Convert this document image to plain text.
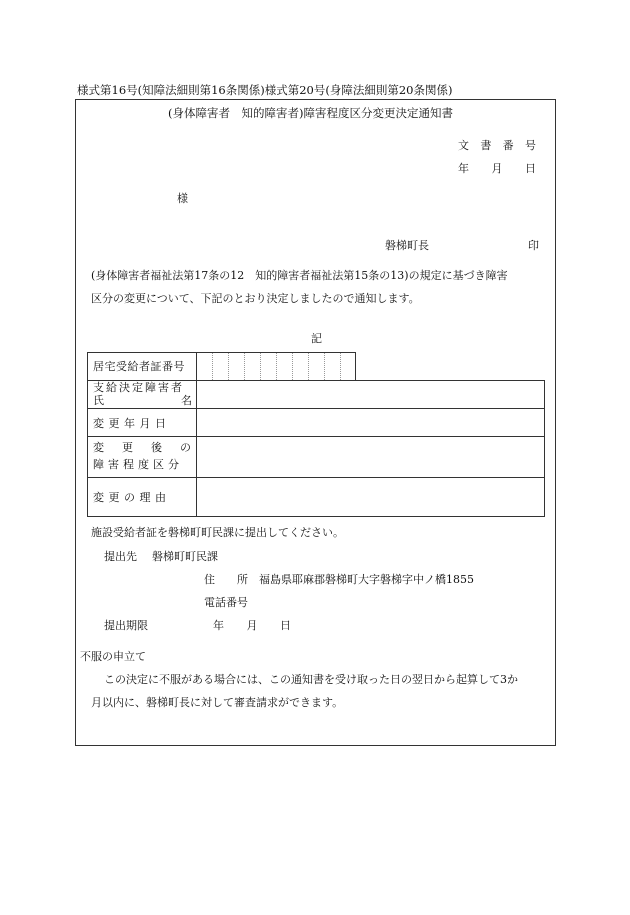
様式第16号(知障法細則第16条関係)様式第20号(身障法細則第20条関係)
(身体障害者　知的障害者)障害程度区分変更決定通知書
文 書 番 号
年 月 日
様
磐梯町長	印
(身体障害者福祉法第17条の12　知的障害者福祉法第15条の13)の規定に基づき障害
区分の変更について、下記のとおり決定しましたので通知します。
記
居宅受給者証番号
支給決定障害者
氏	名
変 更 年 月 日
変 更 後 の
障害程度区分
変 更 の 理 由
施設受給者証を磐梯町町民課に提出してください。
提出先 磐梯町町民課
住　　所 福島県耶麻郡磐梯町大字磐梯字中ノ橋1855
電話番号
提出期限	年 月 日
不服の申立て
この決定に不服がある場合には、この通知書を受け取った日の翌日から起算して3か
月以内に、磐梯町長に対して審査請求ができます。
